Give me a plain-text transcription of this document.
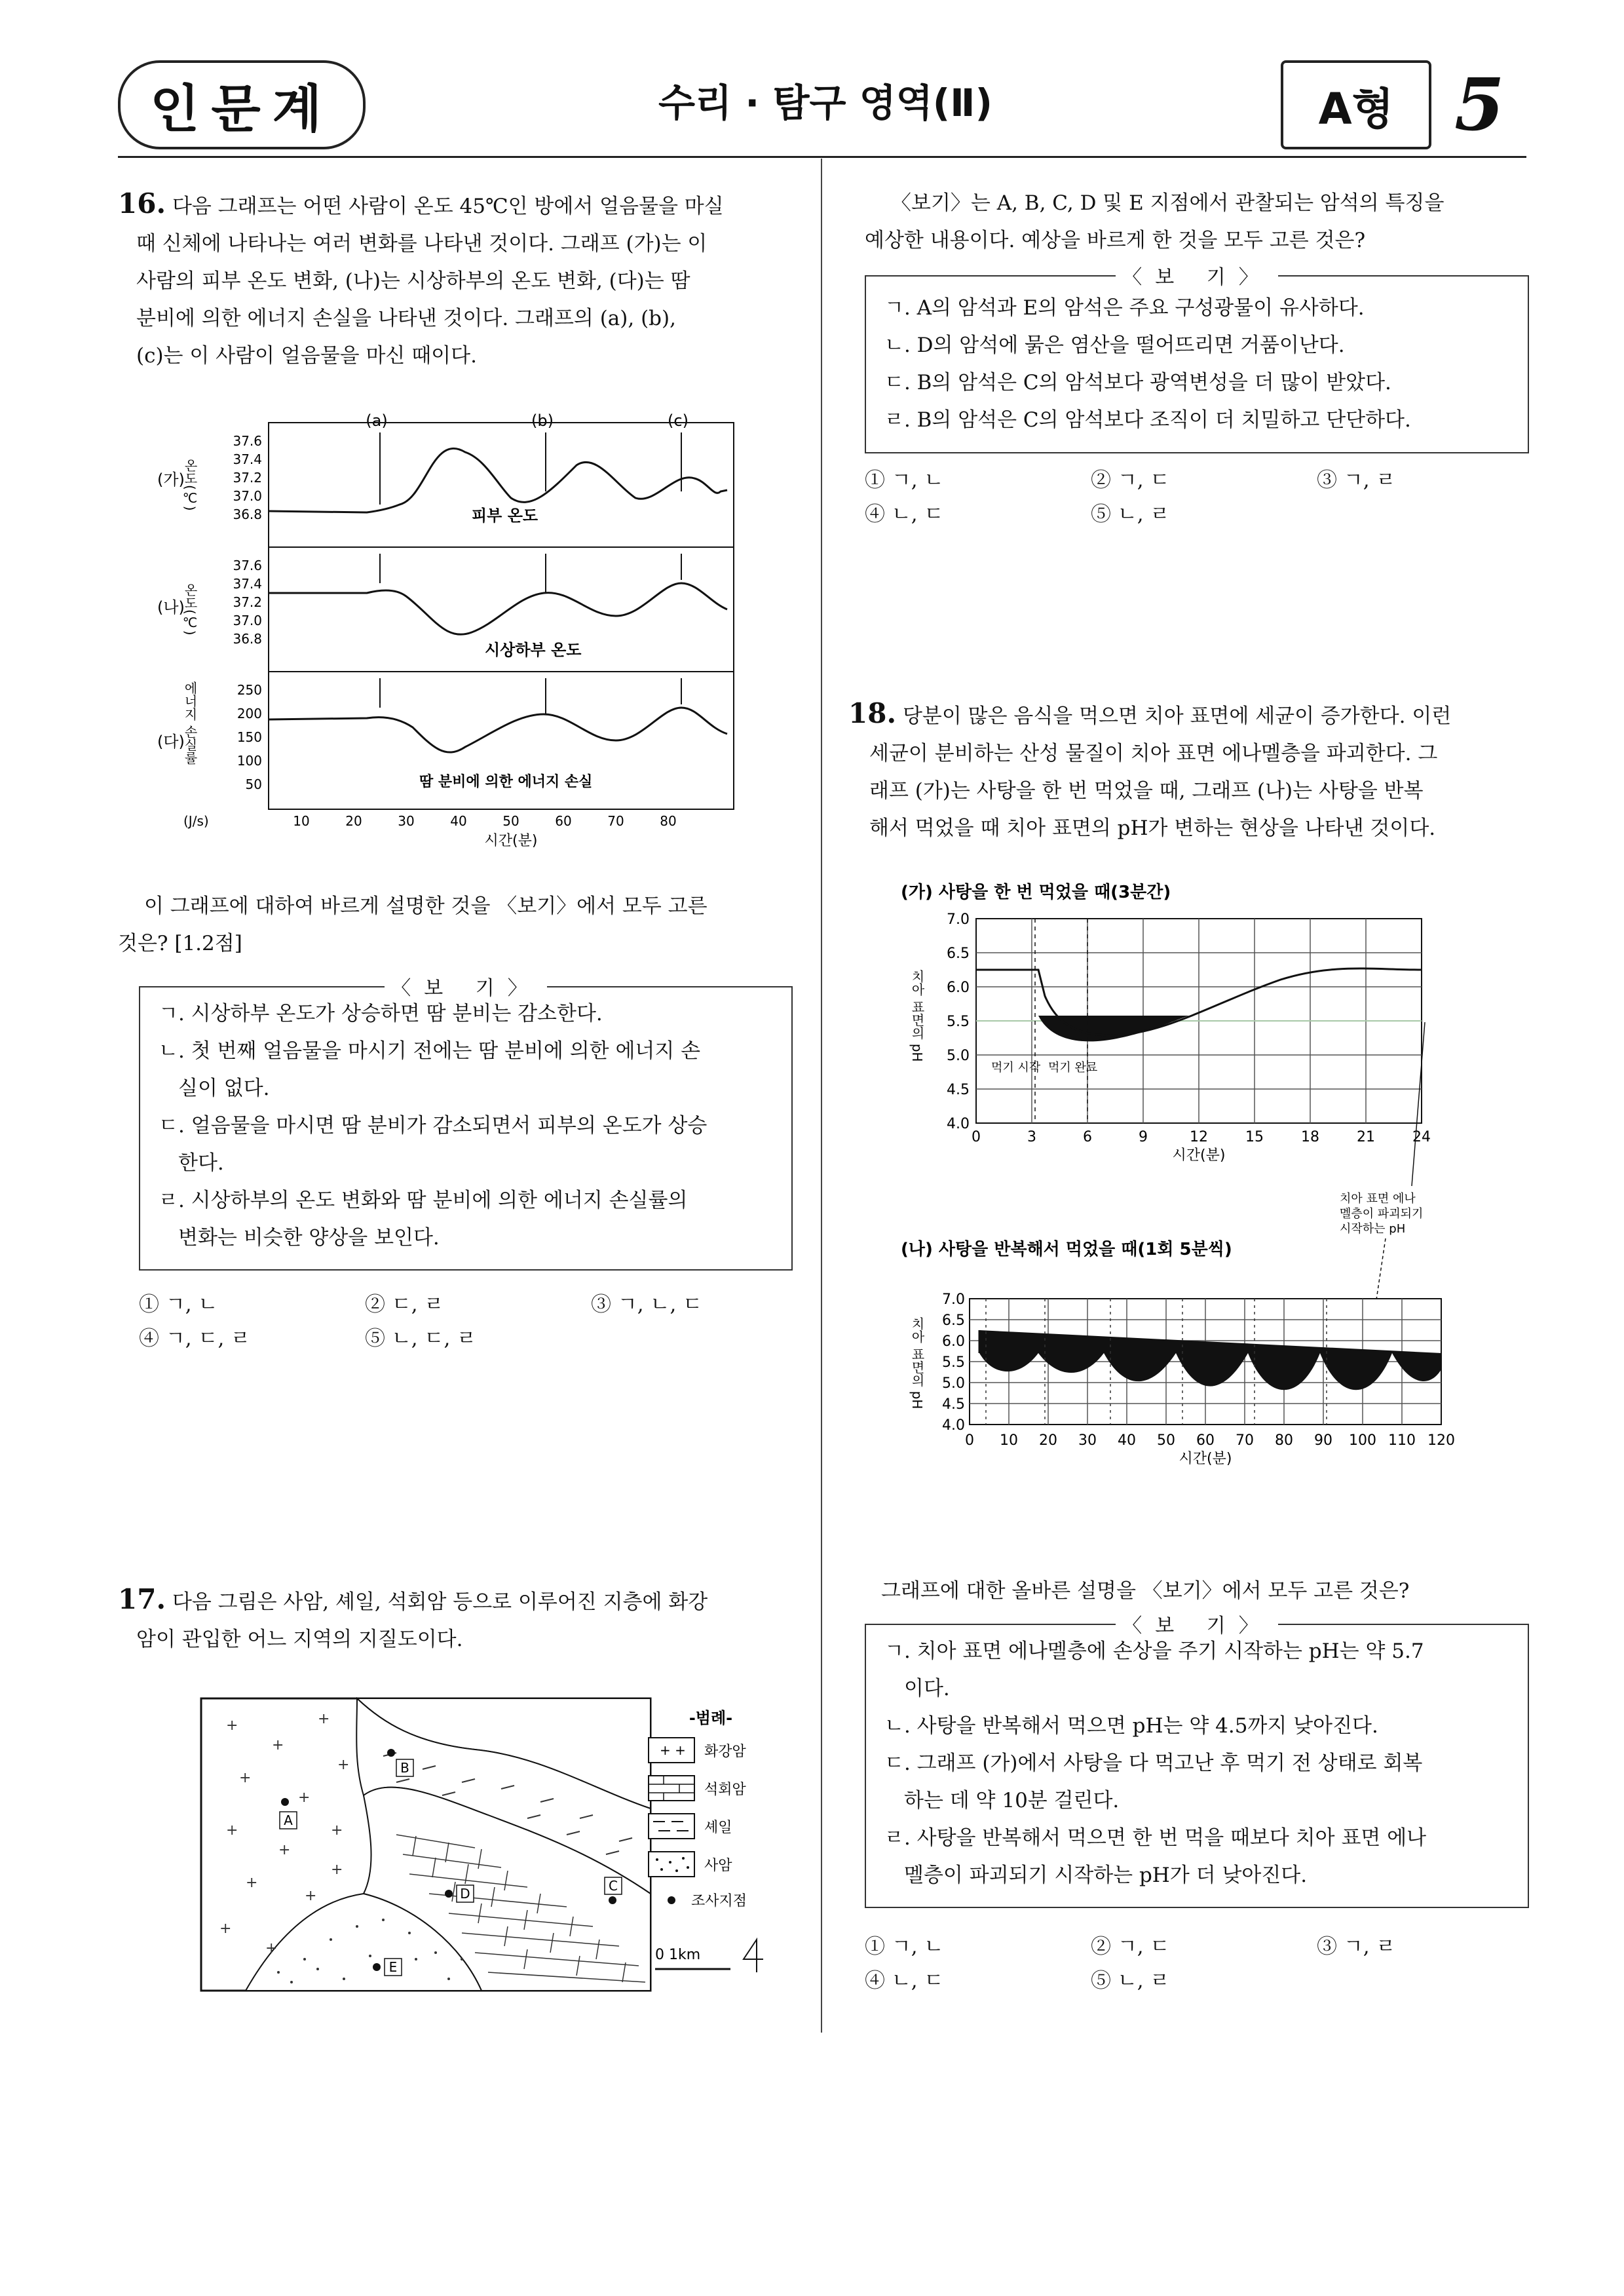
인문계	수리 · 탐구 영역(Ⅱ)	A형 5
16. 다음 그래프는 어떤 사람이 온도 45℃인 방에서 얼음물을 마실
때 신체에 나타나는 여러 변화를 나타낸 것이다. 그래프 (가)는 이
사람의 피부 온도 변화, (나)는 시상하부의 온도 변화, (다)는 땀
분비에 의한 에너지 손실을 나타낸 것이다. 그래프의 (a), (b),
(c)는 이 사람이 얼음물을 마신 때이다.
(a)	(b)	(c)
(가)
온도(℃)
37.6
37.4
37.2
37.0
36.8	피부 온도
(나)
온도(℃)
37.6
37.4
37.2
37.0
36.8
시상하부 온도
(다)
에너지 손실률
(J/s)
250
200
150
100
50	땀 분비에 의한 에너지 손실
10	20	30	40	50	60	70	80
시간(분)
이 그래프에 대하여 바르게 설명한 것을 〈보기〉에서 모두 고른
것은? [1.2점]
〈보 기〉
ㄱ. 시상하부 온도가 상승하면 땀 분비는 감소한다.
ㄴ. 첫 번째 얼음물을 마시기 전에는 땀 분비에 의한 에너지 손
실이 없다.
ㄷ. 얼음물을 마시면 땀 분비가 감소되면서 피부의 온도가 상승
한다.
ㄹ. 시상하부의 온도 변화와 땀 분비에 의한 에너지 손실률의
변화는 비슷한 양상을 보인다.
① ㄱ, ㄴ	② ㄷ, ㄹ	③ ㄱ, ㄴ, ㄷ
④ ㄱ, ㄷ, ㄹ	⑤ ㄴ, ㄷ, ㄹ
17. 다음 그림은 사암, 셰일, 석회암 등으로 이루어진 지층에 화강
암이 관입한 어느 지역의 지질도이다.
+
+
+
+
+
+
+
+
+
+
+
+
+
+
A
B
C
D
E
-범례-
+ + 화강암
석회암
셰일
사암
조사지점
0 1km
〈보기〉는 A, B, C, D 및 E 지점에서 관찰되는 암석의 특징을
예상한 내용이다. 예상을 바르게 한 것을 모두 고른 것은?
〈보 기〉
ㄱ. A의 암석과 E의 암석은 주요 구성광물이 유사하다.
ㄴ. D의 암석에 묽은 염산을 떨어뜨리면 거품이난다.
ㄷ. B의 암석은 C의 암석보다 광역변성을 더 많이 받았다.
ㄹ. B의 암석은 C의 암석보다 조직이 더 치밀하고 단단하다.
① ㄱ, ㄴ	② ㄱ, ㄷ	③ ㄱ, ㄹ
④ ㄴ, ㄷ	⑤ ㄴ, ㄹ
18. 당분이 많은 음식을 먹으면 치아 표면에 세균이 증가한다. 이런
세균이 분비하는 산성 물질이 치아 표면 에나멜층을 파괴한다. 그
래프 (가)는 사탕을 한 번 먹었을 때, 그래프 (나)는 사탕을 반복
해서 먹었을 때 치아 표면의 pH가 변하는 현상을 나타낸 것이다.
(가) 사탕을 한 번 먹었을 때(3분간)
치아 표면의 pH
7.0
6.5
6.0
5.5
5.0
4.5
4.0
먹기 시작 먹기 완료
0	3	6	9	12	15	18	21	24
시간(분)
치아 표면 에나
멜층이 파괴되기
시작하는 pH
(나) 사탕을 반복해서 먹었을 때(1회 5분씩)
치아 표면의 pH
7.0
6.5
6.0
5.5
5.0
4.5
4.0
0 10 20 30 40 50 60 70 80 90 100 110 120
시간(분)
그래프에 대한 올바른 설명을 〈보기〉에서 모두 고른 것은?
〈보 기〉
ㄱ. 치아 표면 에나멜층에 손상을 주기 시작하는 pH는 약 5.7
이다.
ㄴ. 사탕을 반복해서 먹으면 pH는 약 4.5까지 낮아진다.
ㄷ. 그래프 (가)에서 사탕을 다 먹고난 후 먹기 전 상태로 회복
하는 데 약 10분 걸린다.
ㄹ. 사탕을 반복해서 먹으면 한 번 먹을 때보다 치아 표면 에나
멜층이 파괴되기 시작하는 pH가 더 낮아진다.
① ㄱ, ㄴ	② ㄱ, ㄷ	③ ㄱ, ㄹ
④ ㄴ, ㄷ	⑤ ㄴ, ㄹ
